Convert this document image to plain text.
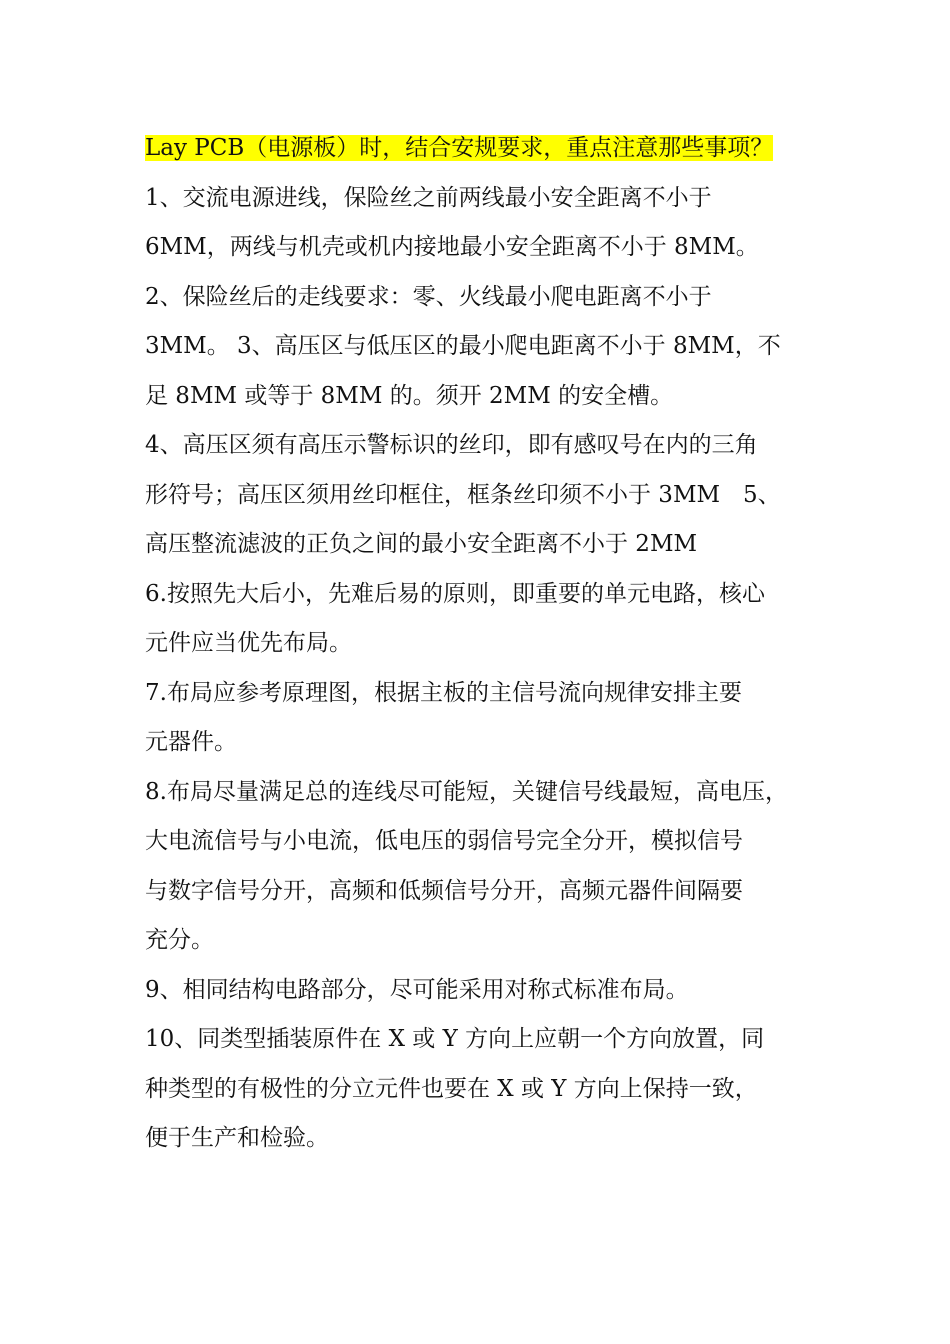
Lay PCB（电源板）时，结合安规要求，重点注意那些事项？
1、交流电源进线，保险丝之前两线最小安全距离不小于
6MM，两线与机壳或机内接地最小安全距离不小于 8MM。
2、保险丝后的走线要求：零、火线最小爬电距离不小于
3MM。 3、高压区与低压区的最小爬电距离不小于 8MM，不
足 8MM 或等于 8MM 的。须开 2MM 的安全槽。
4、高压区须有高压示警标识的丝印，即有感叹号在内的三角
形符号；高压区须用丝印框住，框条丝印须不小于 3MM　5、
高压整流滤波的正负之间的最小安全距离不小于 2MM
6.按照先大后小，先难后易的原则，即重要的单元电路，核心
元件应当优先布局。
7.布局应参考原理图，根据主板的主信号流向规律安排主要
元器件。
8.布局尽量满足总的连线尽可能短，关键信号线最短，高电压，
大电流信号与小电流，低电压的弱信号完全分开，模拟信号
与数字信号分开，高频和低频信号分开，高频元器件间隔要
充分。
9、相同结构电路部分，尽可能采用对称式标准布局。
10、同类型插装原件在 X 或 Y 方向上应朝一个方向放置，同
种类型的有极性的分立元件也要在 X 或 Y 方向上保持一致，
便于生产和检验。
